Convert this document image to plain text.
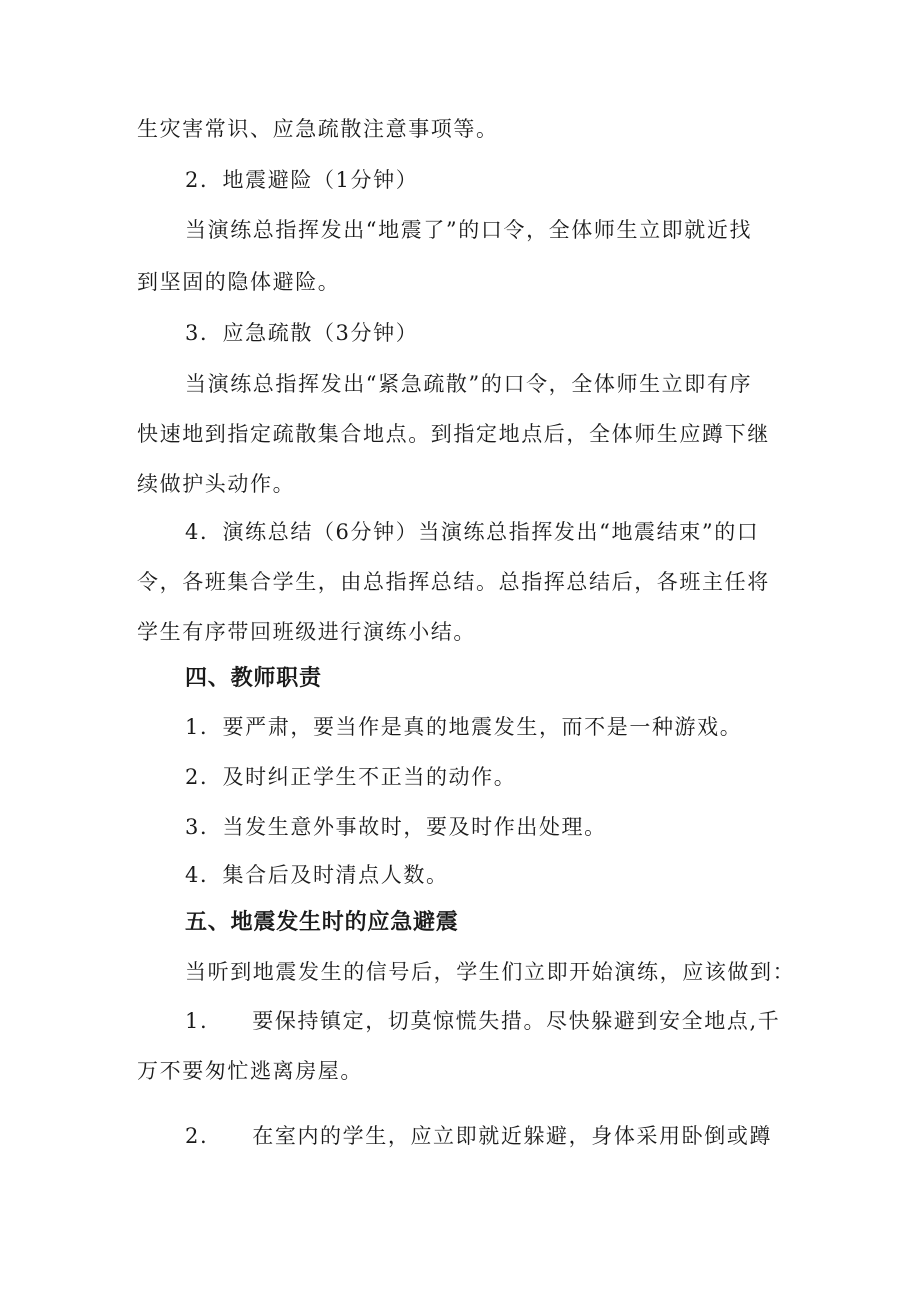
生灾害常识、应急疏散注意事项等。
2．地震避险（1分钟）
当演练总指挥发出“地震了”的口令，全体师生立即就近找
到坚固的隐体避险。
3．应急疏散（3分钟）
当演练总指挥发出“紧急疏散”的口令，全体师生立即有序
快速地到指定疏散集合地点。到指定地点后，全体师生应蹲下继
续做护头动作。
4．演练总结（6分钟）当演练总指挥发出“地震结束”的口
令，各班集合学生，由总指挥总结。总指挥总结后，各班主任将
学生有序带回班级进行演练小结。
四、教师职责
1．要严肃，要当作是真的地震发生，而不是一种游戏。
2．及时纠正学生不正当的动作。
3．当发生意外事故时，要及时作出处理。
4．集合后及时清点人数。
五、地震发生时的应急避震
当听到地震发生的信号后，学生们立即开始演练，应该做到：
1. 要保持镇定，切莫惊慌失措。尽快躲避到安全地点,千
万不要匆忙逃离房屋。
2. 在室内的学生，应立即就近躲避，身体采用卧倒或蹲
